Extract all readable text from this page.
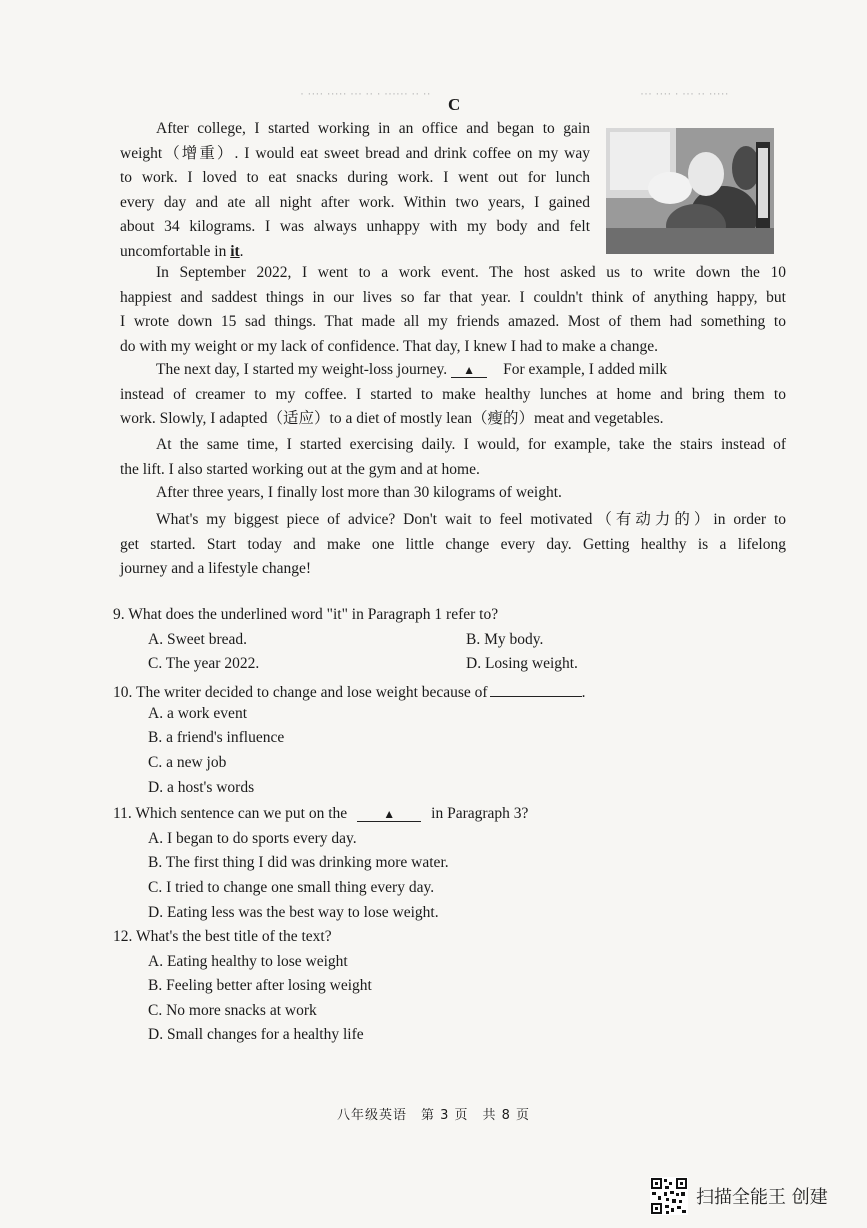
·· ·· ······ · ·· ··· ····· ···· ·	····· ·· ··· · ···· ···
C
After college, I started working in an office and began to gain
weight（增重）. I would eat sweet bread and drink coffee on my way
to work. I loved to eat snacks during work. I went out for lunch
every day and ate all night after work. Within two years, I gained
about 34 kilograms. I was always unhappy with my body and felt
uncomfortable in it.
In September 2022, I went to a work event. The host asked us to write down the 10
happiest and saddest things in our lives so far that year. I couldn't think of anything happy, but
I wrote down 15 sad things. That made all my friends amazed. Most of them had something to
do with my weight or my lack of confidence. That day, I knew I had to make a change.
The next day, I started my weight-loss journey. ▲ For example, I added milk
instead of creamer to my coffee. I started to make healthy lunches at home and bring them to
work. Slowly, I adapted（适应）to a diet of mostly lean（瘦的）meat and vegetables.
At the same time, I started exercising daily. I would, for example, take the stairs instead of
the lift. I also started working out at the gym and at home.
After three years, I finally lost more than 30 kilograms of weight.
What's my biggest piece of advice? Don't wait to feel motivated（有动力的）in order to
get started. Start today and make one little change every day. Getting healthy is a lifelong
journey and a lifestyle change!
9. What does the underlined word "it" in Paragraph 1 refer to?
A. Sweet bread.	B. My body.
C. The year 2022.	D. Losing weight.
10. The writer decided to change and lose weight because of	.
A. a work event
B. a friend's influence
C. a new job
D. a host's words
11. Which sentence can we put on the	▲ in Paragraph 3?
A. I began to do sports every day.
B. The first thing I did was drinking more water.
C. I tried to change one small thing every day.
D. Eating less was the best way to lose weight.
12. What's the best title of the text?
A. Eating healthy to lose weight
B. Feeling better after losing weight
C. No more snacks at work
D. Small changes for a healthy life
八年级英语　第 3 页　共 8 页
扫描全能王 创建
